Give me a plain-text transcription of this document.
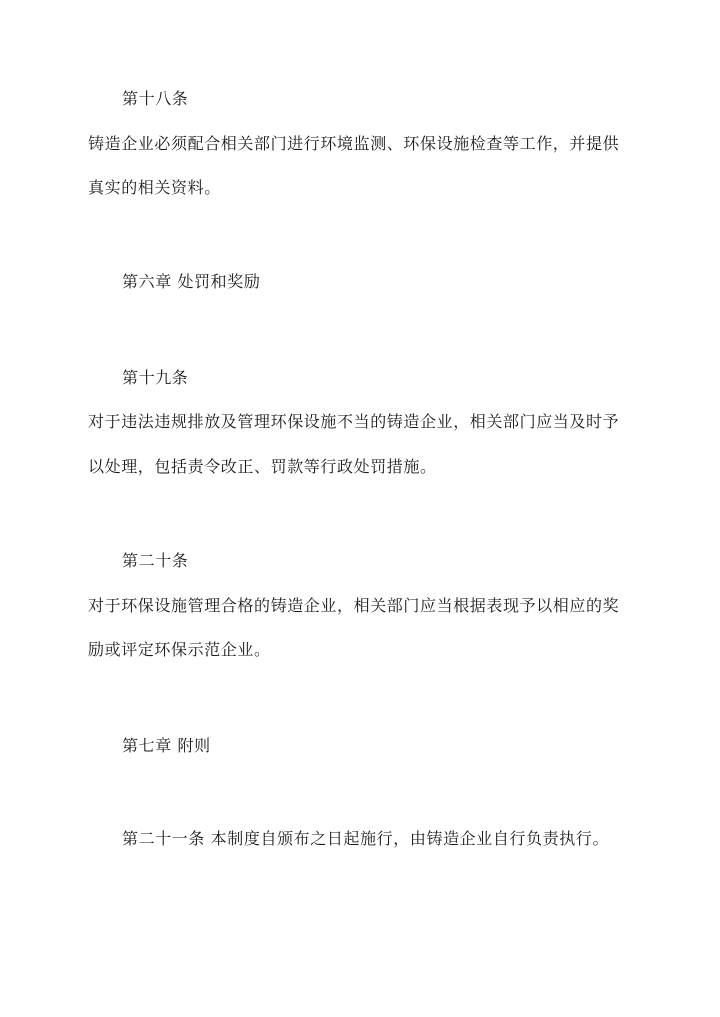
第十八条
铸造企业必须配合相关部门进行环境监测、环保设施检查等工作，并提供
真实的相关资料。
第六章 处罚和奖励
第十九条
对于违法违规排放及管理环保设施不当的铸造企业，相关部门应当及时予
以处理，包括责令改正、罚款等行政处罚措施。
第二十条
对于环保设施管理合格的铸造企业，相关部门应当根据表现予以相应的奖
励或评定环保示范企业。
第七章 附则
第二十一条 本制度自颁布之日起施行，由铸造企业自行负责执行。
